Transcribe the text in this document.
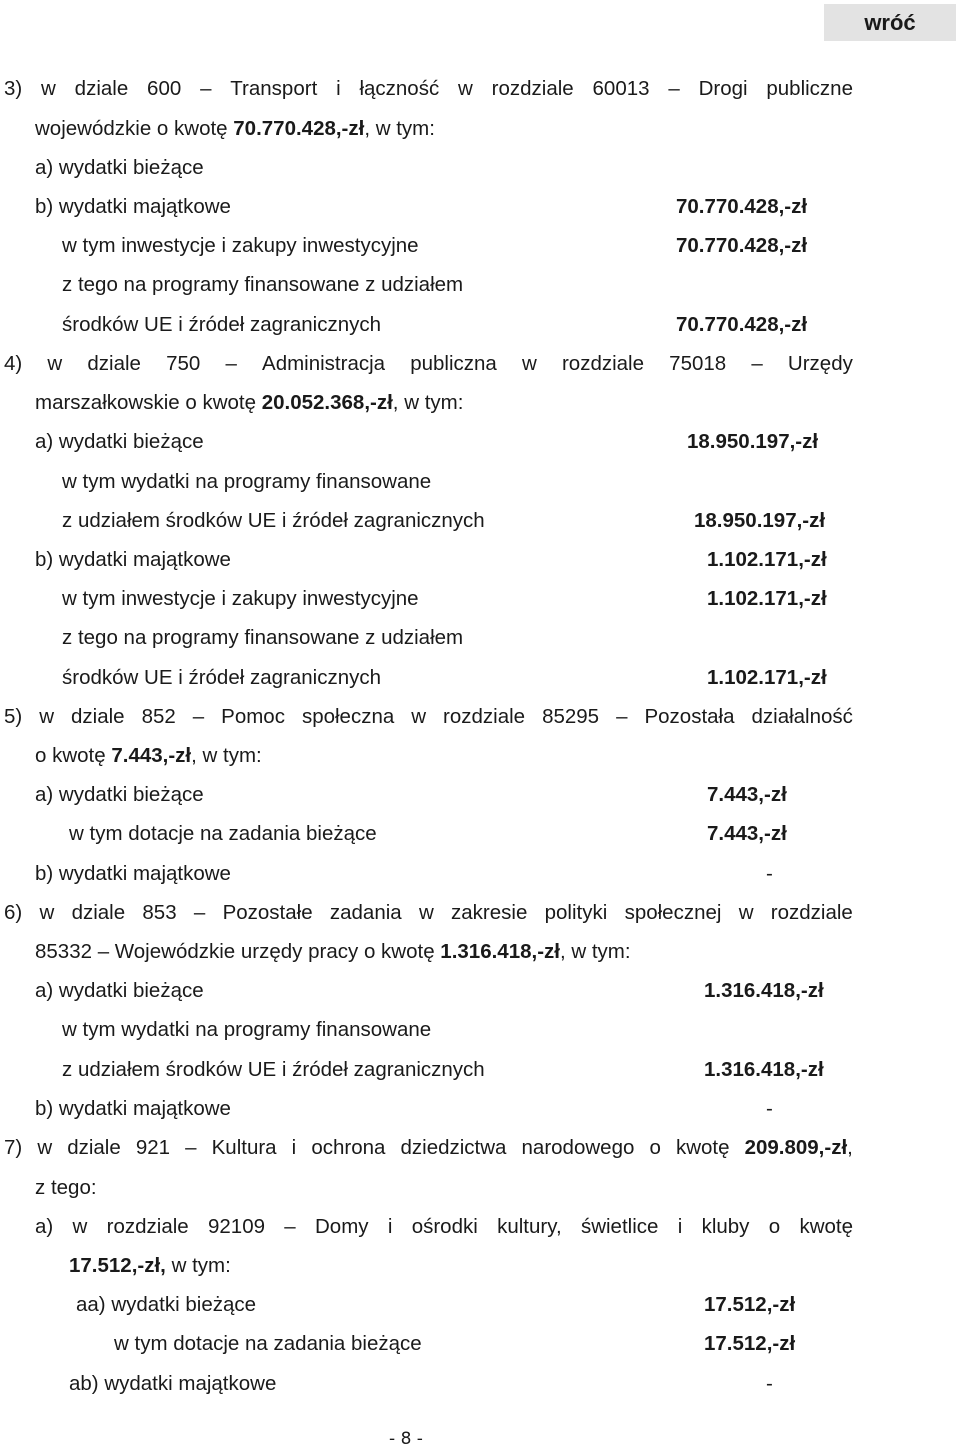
wróć
3) w dziale 600 – Transport i łączność w rozdziale 60013 – Drogi publiczne
wojewódzkie o kwotę 70.770.428,-zł, w tym:
a) wydatki bieżące
b) wydatki majątkowe	70.770.428,-zł
w tym inwestycje i zakupy inwestycyjne	70.770.428,-zł
z tego na programy finansowane z udziałem
środków UE i źródeł zagranicznych	70.770.428,-zł
4) w dziale 750 – Administracja publiczna w rozdziale 75018 – Urzędy
marszałkowskie o kwotę 20.052.368,-zł, w tym:
a) wydatki bieżące	18.950.197,-zł
w tym wydatki na programy finansowane
z udziałem środków UE i źródeł zagranicznych	18.950.197,-zł
b) wydatki majątkowe	1.102.171,-zł
w tym inwestycje i zakupy inwestycyjne	1.102.171,-zł
z tego na programy finansowane z udziałem
środków UE i źródeł zagranicznych	1.102.171,-zł
5) w dziale 852 – Pomoc społeczna w rozdziale 85295 – Pozostała działalność
o kwotę 7.443,-zł, w tym:
a) wydatki bieżące	7.443,-zł
w tym dotacje na zadania bieżące	7.443,-zł
b) wydatki majątkowe	-
6) w dziale 853 – Pozostałe zadania w zakresie polityki społecznej w rozdziale
85332 – Wojewódzkie urzędy pracy o kwotę 1.316.418,-zł, w tym:
a) wydatki bieżące	1.316.418,-zł
w tym wydatki na programy finansowane
z udziałem środków UE i źródeł zagranicznych	1.316.418,-zł
b) wydatki majątkowe	-
7) w dziale 921 – Kultura i ochrona dziedzictwa narodowego o kwotę 209.809,-zł,
z tego:
a) w rozdziale 92109 – Domy i ośrodki kultury, świetlice i kluby o kwotę
17.512,-zł, w tym:
aa) wydatki bieżące	17.512,-zł
w tym dotacje na zadania bieżące	17.512,-zł
ab) wydatki majątkowe	-
- 8 -
